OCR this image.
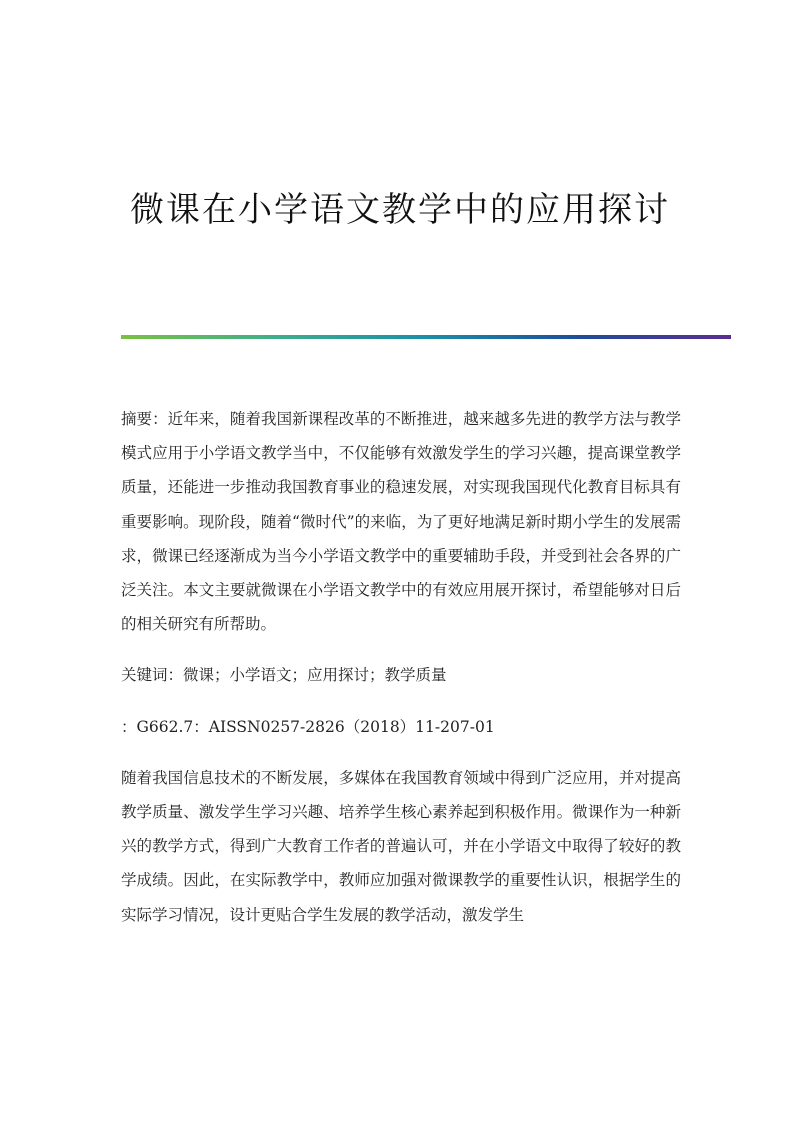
微课在小学语文教学中的应用探讨

摘要：近年来，随着我国新课程改革的不断推进，越来越多先进的教学方法与教学模式应用于小学语文教学当中，不仅能够有效激发学生的学习兴趣，提高课堂教学质量，还能进一步推动我国教育事业的稳速发展，对实现我国现代化教育目标具有重要影响。现阶段，随着“微时代”的来临，为了更好地满足新时期小学生的发展需求，微课已经逐渐成为当今小学语文教学中的重要辅助手段，并受到社会各界的广泛关注。本文主要就微课在小学语文教学中的有效应用展开探讨，希望能够对日后的相关研究有所帮助。

关键词：微课；小学语文；应用探讨；教学质量

：G662.7：AISSN0257-2826（2018）11-207-01

随着我国信息技术的不断发展，多媒体在我国教育领域中得到广泛应用，并对提高教学质量、激发学生学习兴趣、培养学生核心素养起到积极作用。微课作为一种新兴的教学方式，得到广大教育工作者的普遍认可，并在小学语文中取得了较好的教学成绩。因此，在实际教学中，教师应加强对微课教学的重要性认识，根据学生的实际学习情况，设计更贴合学生发展的教学活动，激发学生
